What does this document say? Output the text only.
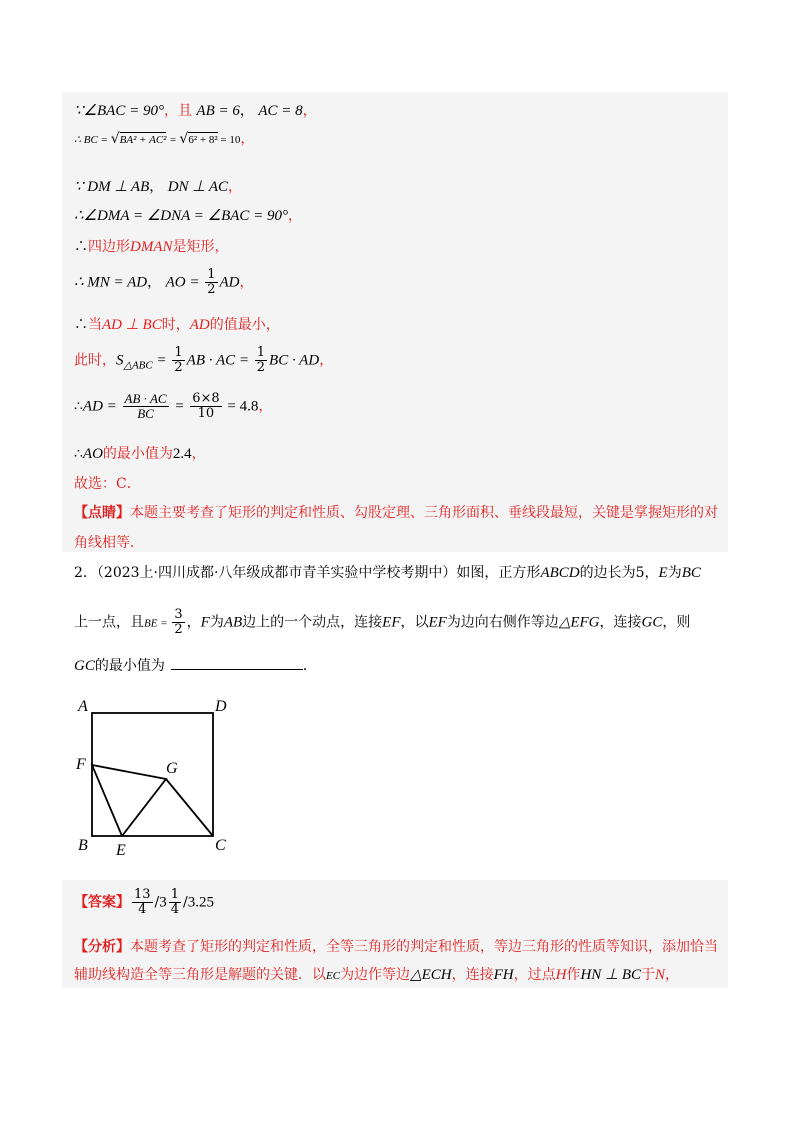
∵∠BAC = 90°，且 AB = 6， AC = 8，
∴ BC = √BA² + AC² = √6² + 8² = 10，
∵ DM ⊥ AB， DN ⊥ AC，
∴∠DMA = ∠DNA = ∠BAC = 90°，
∴四边形DMAN是矩形，
∴ MN = AD， AO = $\frac{1}{2}$ AD，
∴当AD ⊥ BC时，AD的值最小，
此时，$S_{\triangle ABC} = \frac{1}{2}$ AB · AC = $\frac{1}{2}$ BC · AD，
∴AD = $\frac{AB \cdot AC}{BC} = \frac{6\times 8}{10} = 4.8$，
∴AO的最小值为2.4，
故选：C．
【点睛】本题主要考查了矩形的判定和性质、勾股定理、三角形面积、垂线段最短，关键是掌握矩形的对
角线相等．
2．（2023上·四川成都·八年级成都市青羊实验中学校考期中）如图，正方形ABCD的边长为5，E为BC
上一点，且BE = $\frac{3}{2}$ ，F为AB边上的一个动点，连接EF，以EF为边向右侧作等边△EFG，连接GC，则
GC的最小值为	．
A	D
F	G
B E	C
【答案】 $\frac{13}{4} /3 \frac{1}{4} /3.25$
【分析】本题考查了矩形的判定和性质，全等三角形的判定和性质，等边三角形的性质等知识，添加恰当
辅助线构造全等三角形是解题的关键．以EC为边作等边△ECH，连接FH，过点H作HN ⊥ BC于N，
